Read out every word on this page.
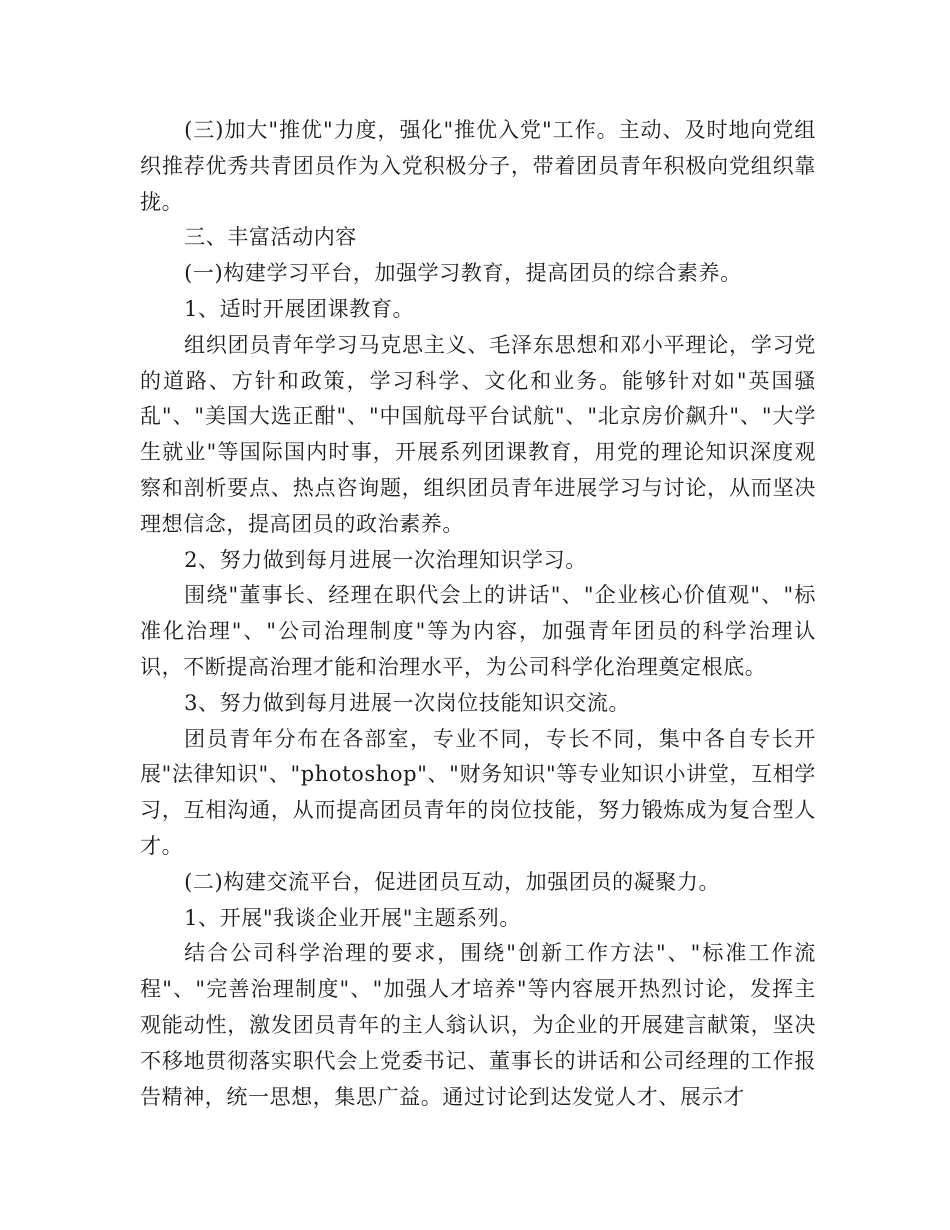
(三)加大"推优"力度，强化"推优入党"工作。主动、及时地向党组织推荐优秀共青团员作为入党积极分子，带着团员青年积极向党组织靠拢。

三、丰富活动内容

(一)构建学习平台，加强学习教育，提高团员的综合素养。

1、适时开展团课教育。

组织团员青年学习马克思主义、毛泽东思想和邓小平理论，学习党的道路、方针和政策，学习科学、文化和业务。能够针对如"英国骚乱"、"美国大选正酣"、"中国航母平台试航"、"北京房价飙升"、"大学生就业"等国际国内时事，开展系列团课教育，用党的理论知识深度观察和剖析要点、热点咨询题，组织团员青年进展学习与讨论，从而坚决理想信念，提高团员的政治素养。

2、努力做到每月进展一次治理知识学习。

围绕"董事长、经理在职代会上的讲话"、"企业核心价值观"、"标准化治理"、"公司治理制度"等为内容，加强青年团员的科学治理认识，不断提高治理才能和治理水平，为公司科学化治理奠定根底。

3、努力做到每月进展一次岗位技能知识交流。

团员青年分布在各部室，专业不同，专长不同，集中各自专长开展"法律知识"、"photoshop"、"财务知识"等专业知识小讲堂，互相学习，互相沟通，从而提高团员青年的岗位技能，努力锻炼成为复合型人才。

(二)构建交流平台，促进团员互动，加强团员的凝聚力。

1、开展"我谈企业开展"主题系列。

结合公司科学治理的要求，围绕"创新工作方法"、"标准工作流程"、"完善治理制度"、"加强人才培养"等内容展开热烈讨论，发挥主观能动性，激发团员青年的主人翁认识，为企业的开展建言献策，坚决不移地贯彻落实职代会上党委书记、董事长的讲话和公司经理的工作报告精神，统一思想，集思广益。通过讨论到达发觉人才、展示才
